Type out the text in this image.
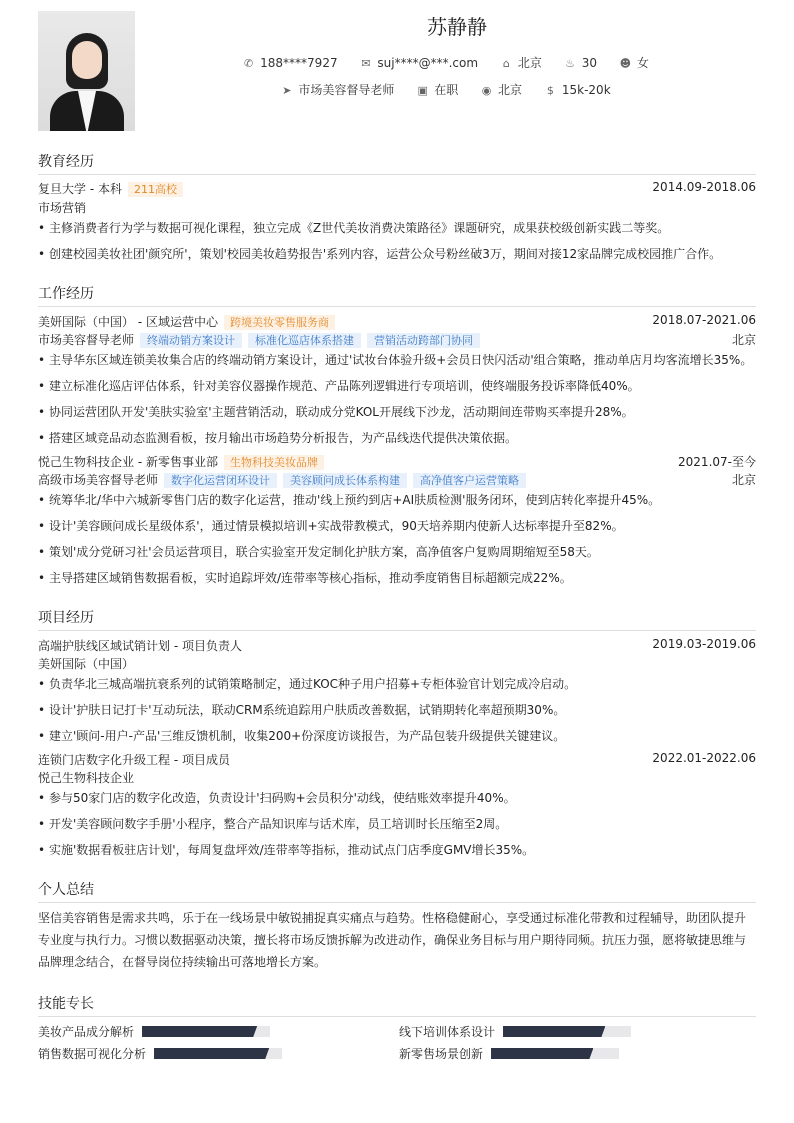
苏静静
✆ 188****7927 ✉ suj****@***.com ⌂ 北京 ♨ 30 ☻ 女
➤ 市场美容督导老师 ▣ 在职 ◉ 北京 $ 15k-20k
教育经历
复旦大学 - 本科 211高校	2014.09-2018.06
市场营销
• 主修消费者行为学与数据可视化课程，独立完成《Z世代美妆消费决策路径》课题研究，成果获校级创新实践二等奖。
• 创建校园美妆社团'颜究所'，策划'校园美妆趋势报告'系列内容，运营公众号粉丝破3万，期间对接12家品牌完成校园推广合作。
工作经历
美妍国际（中国） - 区域运营中心 跨境美妆零售服务商	2018.07-2021.06
市场美容督导老师 终端动销方案设计 标准化巡店体系搭建 营销活动跨部门协同	北京
• 主导华东区域连锁美妆集合店的终端动销方案设计，通过'试妆台体验升级+会员日快闪活动'组合策略，推动单店月均客流增长35%。
• 建立标准化巡店评估体系，针对美容仪器操作规范、产品陈列逻辑进行专项培训，使终端服务投诉率降低40%。
• 协同运营团队开发'美肤实验室'主题营销活动，联动成分党KOL开展线下沙龙，活动期间连带购买率提升28%。
• 搭建区域竞品动态监测看板，按月输出市场趋势分析报告，为产品线迭代提供决策依据。
悦己生物科技企业 - 新零售事业部 生物科技美妆品牌	2021.07-至今
高级市场美容督导老师 数字化运营闭环设计 美容顾问成长体系构建 高净值客户运营策略	北京
• 统筹华北/华中六城新零售门店的数字化运营，推动'线上预约到店+AI肤质检测'服务闭环，使到店转化率提升45%。
• 设计'美容顾问成长星级体系'，通过情景模拟培训+实战带教模式，90天培养期内使新人达标率提升至82%。
• 策划'成分党研习社'会员运营项目，联合实验室开发定制化护肤方案，高净值客户复购周期缩短至58天。
• 主导搭建区域销售数据看板，实时追踪坪效/连带率等核心指标，推动季度销售目标超额完成22%。
项目经历
高端护肤线区域试销计划 - 项目负责人	2019.03-2019.06
美妍国际（中国）
• 负责华北三城高端抗衰系列的试销策略制定，通过KOC种子用户招募+专柜体验官计划完成冷启动。
• 设计'护肤日记打卡'互动玩法，联动CRM系统追踪用户肤质改善数据，试销期转化率超预期30%。
• 建立'顾问-用户-产品'三维反馈机制，收集200+份深度访谈报告，为产品包装升级提供关键建议。
连锁门店数字化升级工程 - 项目成员	2022.01-2022.06
悦己生物科技企业
• 参与50家门店的数字化改造，负责设计'扫码购+会员积分'动线，使结账效率提升40%。
• 开发'美容顾问数字手册'小程序，整合产品知识库与话术库，员工培训时长压缩至2周。
• 实施'数据看板驻店计划'，每周复盘坪效/连带率等指标，推动试点门店季度GMV增长35%。
个人总结
坚信美容销售是需求共鸣，乐于在一线场景中敏锐捕捉真实痛点与趋势。性格稳健耐心，享受通过标准化带教和过程辅导，助团队提升专业度与执行力。习惯以数据驱动决策，擅长将市场反馈拆解为改进动作，确保业务目标与用户期待同频。抗压力强，愿将敏捷思维与品牌理念结合，在督导岗位持续输出可落地增长方案。
技能专长
美妆产品成分解析	线下培训体系设计
销售数据可视化分析	新零售场景创新
